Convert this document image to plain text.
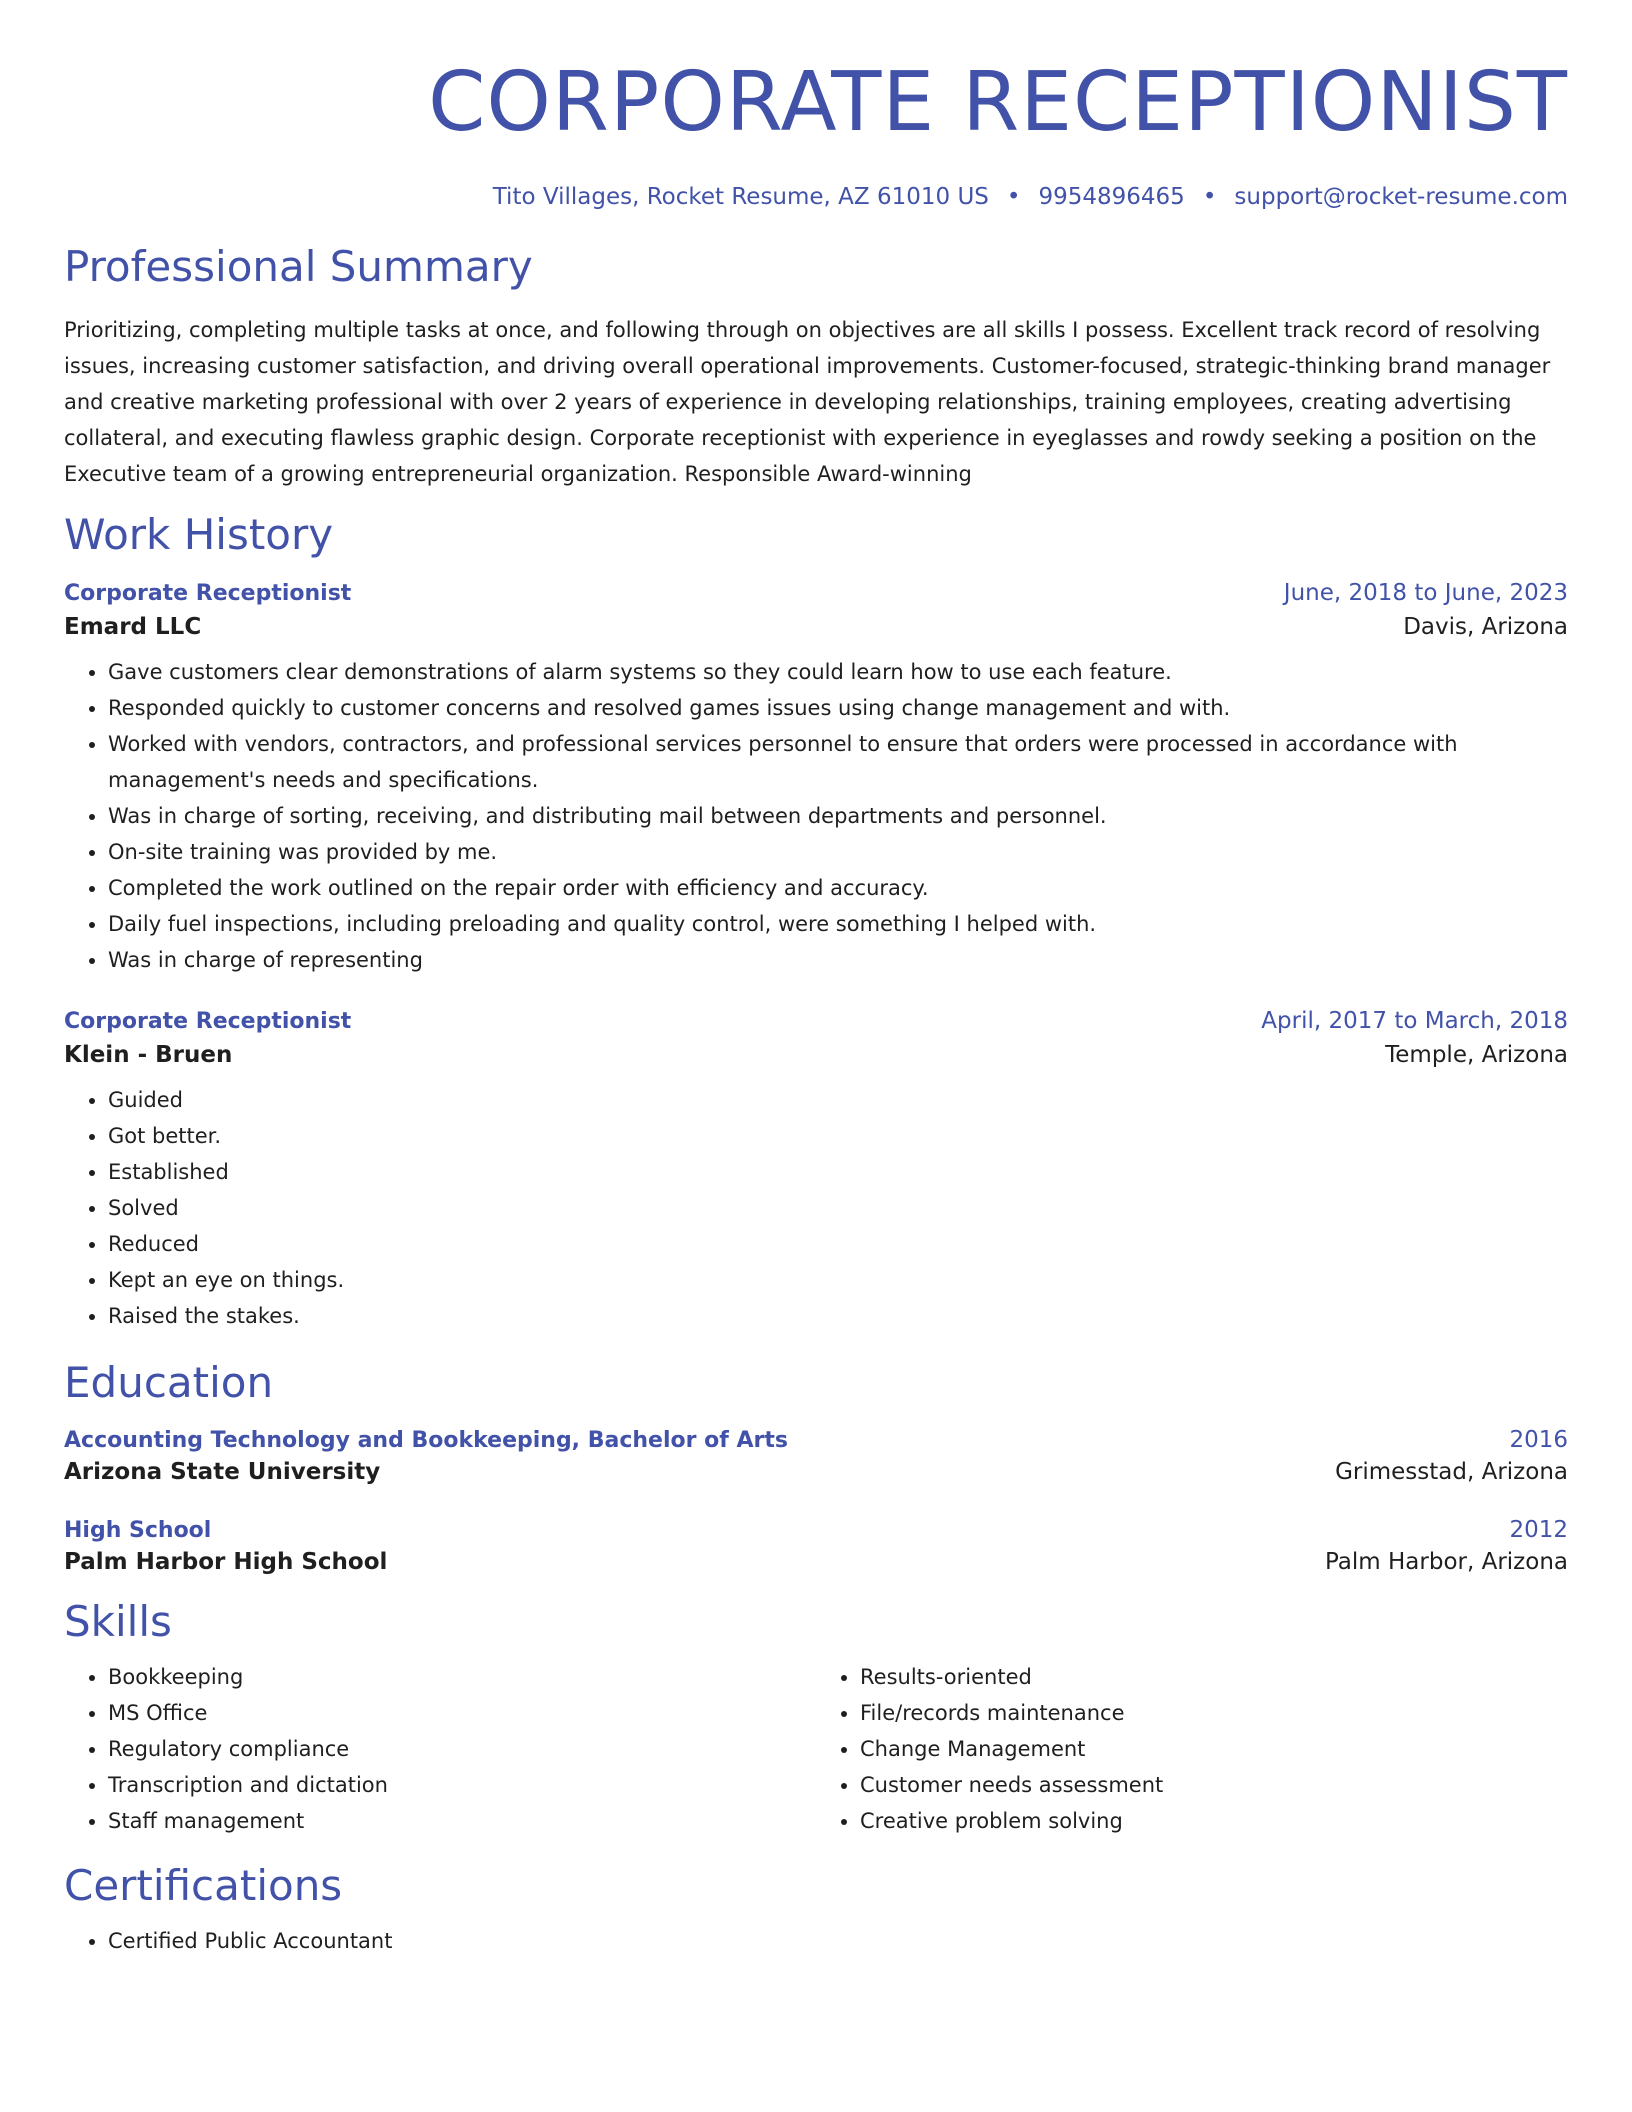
CORPORATE RECEPTIONIST
Tito Villages, Rocket Resume, AZ 61010 US • 9954896465 • support@rocket-resume.com
Professional Summary
Prioritizing, completing multiple tasks at once, and following through on objectives are all skills I possess. Excellent track record of resolving issues, increasing customer satisfaction, and driving overall operational improvements. Customer-focused, strategic-thinking brand manager and creative marketing professional with over 2 years of experience in developing relationships, training employees, creating advertising collateral, and executing flawless graphic design. Corporate receptionist with experience in eyeglasses and rowdy seeking a position on the Executive team of a growing entrepreneurial organization. Responsible Award-winning
Work History
Corporate Receptionist	June, 2018 to June, 2023
Emard LLC	Davis, Arizona
• Gave customers clear demonstrations of alarm systems so they could learn how to use each feature.
• Responded quickly to customer concerns and resolved games issues using change management and with.
• Worked with vendors, contractors, and professional services personnel to ensure that orders were processed in accordance with management's needs and specifications.
• Was in charge of sorting, receiving, and distributing mail between departments and personnel.
• On-site training was provided by me.
• Completed the work outlined on the repair order with efficiency and accuracy.
• Daily fuel inspections, including preloading and quality control, were something I helped with.
• Was in charge of representing
Corporate Receptionist	April, 2017 to March, 2018
Klein - Bruen	Temple, Arizona
• Guided
• Got better.
• Established
• Solved
• Reduced
• Kept an eye on things.
• Raised the stakes.
Education
Accounting Technology and Bookkeeping, Bachelor of Arts	2016
Arizona State University	Grimesstad, Arizona
High School	2012
Palm Harbor High School	Palm Harbor, Arizona
Skills
• Bookkeeping
• MS Office
• Regulatory compliance
• Transcription and dictation
• Staff management
• Results-oriented
• File/records maintenance
• Change Management
• Customer needs assessment
• Creative problem solving
Certifications
• Certified Public Accountant
